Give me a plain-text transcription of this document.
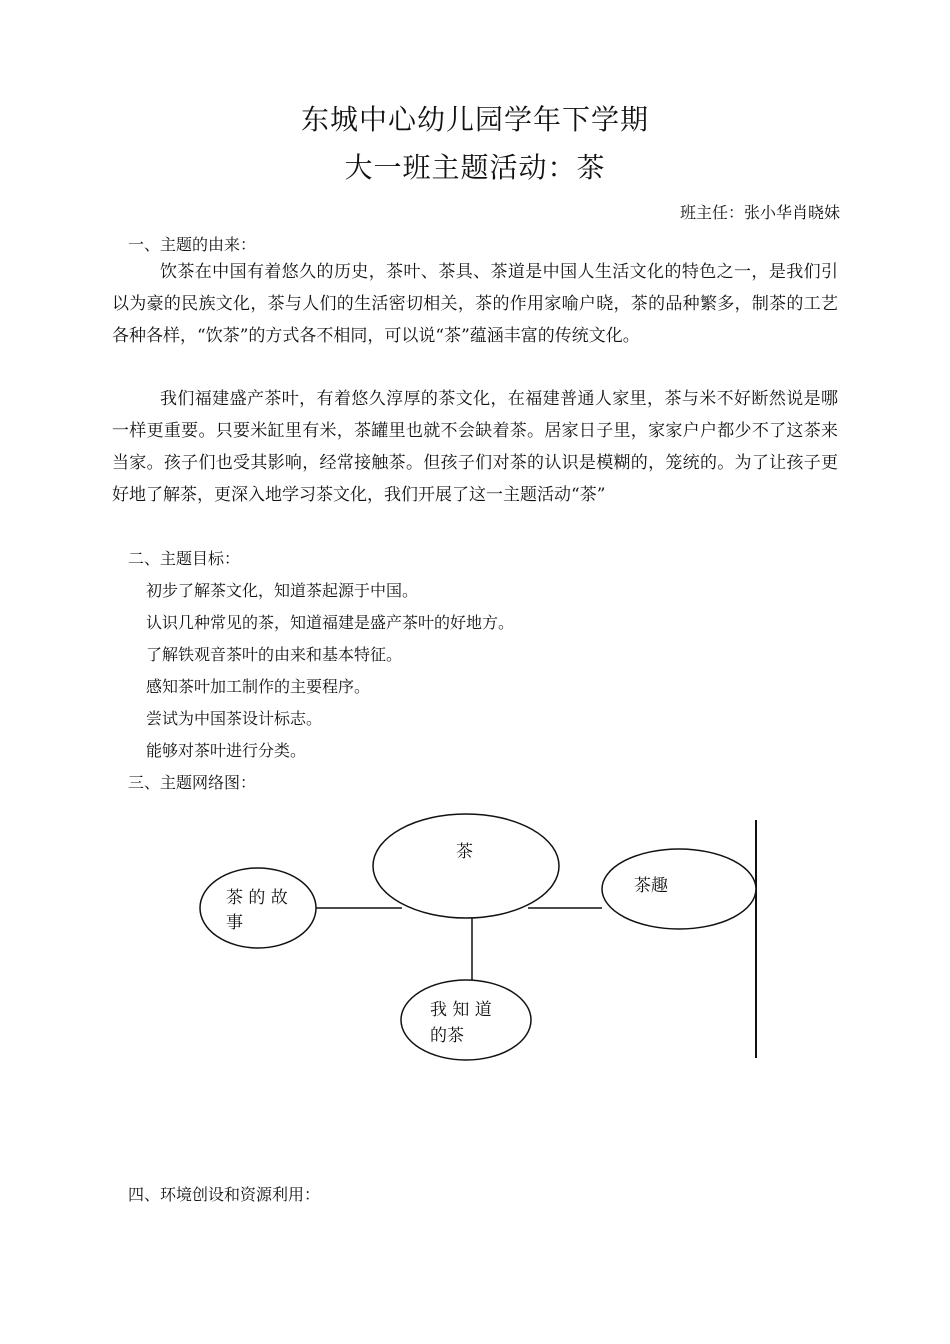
东城中心幼儿园学年下学期
大一班主题活动：茶
班主任：张小华肖晓妹
一、主题的由来：
饮茶在中国有着悠久的历史，茶叶、茶具、茶道是中国人生活文化的特色之一，是我们引以为豪的民族文化，茶与人们的生活密切相关，茶的作用家喻户晓，茶的品种繁多，制茶的工艺各种各样，“饮茶”的方式各不相同，可以说“茶”蕴涵丰富的传统文化。
我们福建盛产茶叶，有着悠久淳厚的茶文化，在福建普通人家里，茶与米不好断然说是哪一样更重要。只要米缸里有米，茶罐里也就不会缺着茶。居家日子里，家家户户都少不了这茶来当家。孩子们也受其影响，经常接触茶。但孩子们对茶的认识是模糊的，笼统的。为了让孩子更好地了解茶，更深入地学习茶文化，我们开展了这一主题活动“茶”
二、主题目标：
初步了解茶文化，知道茶起源于中国。
认识几种常见的茶，知道福建是盛产茶叶的好地方。
了解铁观音茶叶的由来和基本特征。
感知茶叶加工制作的主要程序。
尝试为中国茶设计标志。
能够对茶叶进行分类。
三、主题网络图：
茶
茶 的 故
事
茶趣
我 知 道
的茶
四、环境创设和资源利用：
